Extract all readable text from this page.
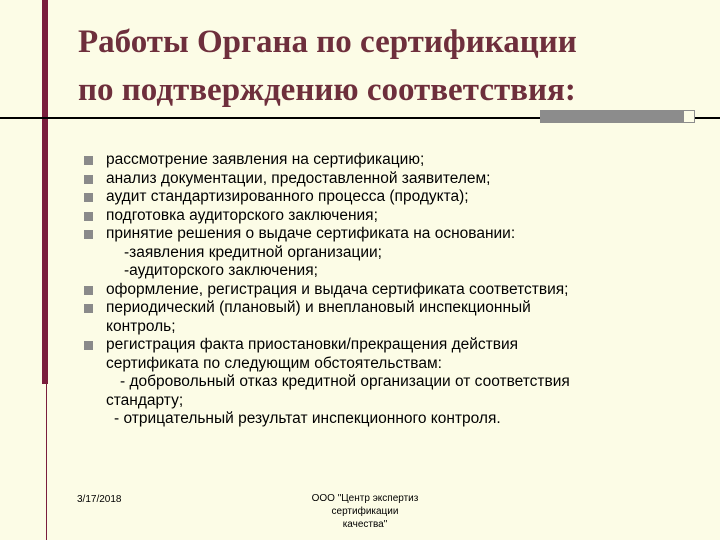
Работы Органа по сертификации
по подтверждению соответствия:
рассмотрение заявления на сертификацию;
анализ документации, предоставленной заявителем;
аудит стандартизированного процесса (продукта);
подготовка аудиторского заключения;
принятие решения о выдаче сертификата на основании:
-заявления кредитной организации;
-аудиторского заключения;
оформление, регистрация и выдача сертификата соответствия;
периодический (плановый) и внеплановый инспекционный
контроль;
регистрация факта приостановки/прекращения действия
сертификата по следующим обстоятельствам:
- добровольный отказ кредитной организации от соответствия
стандарту;
- отрицательный результат инспекционного контроля.
3/17/2018	ООО "Центр экспертиз сертификации
качества"
